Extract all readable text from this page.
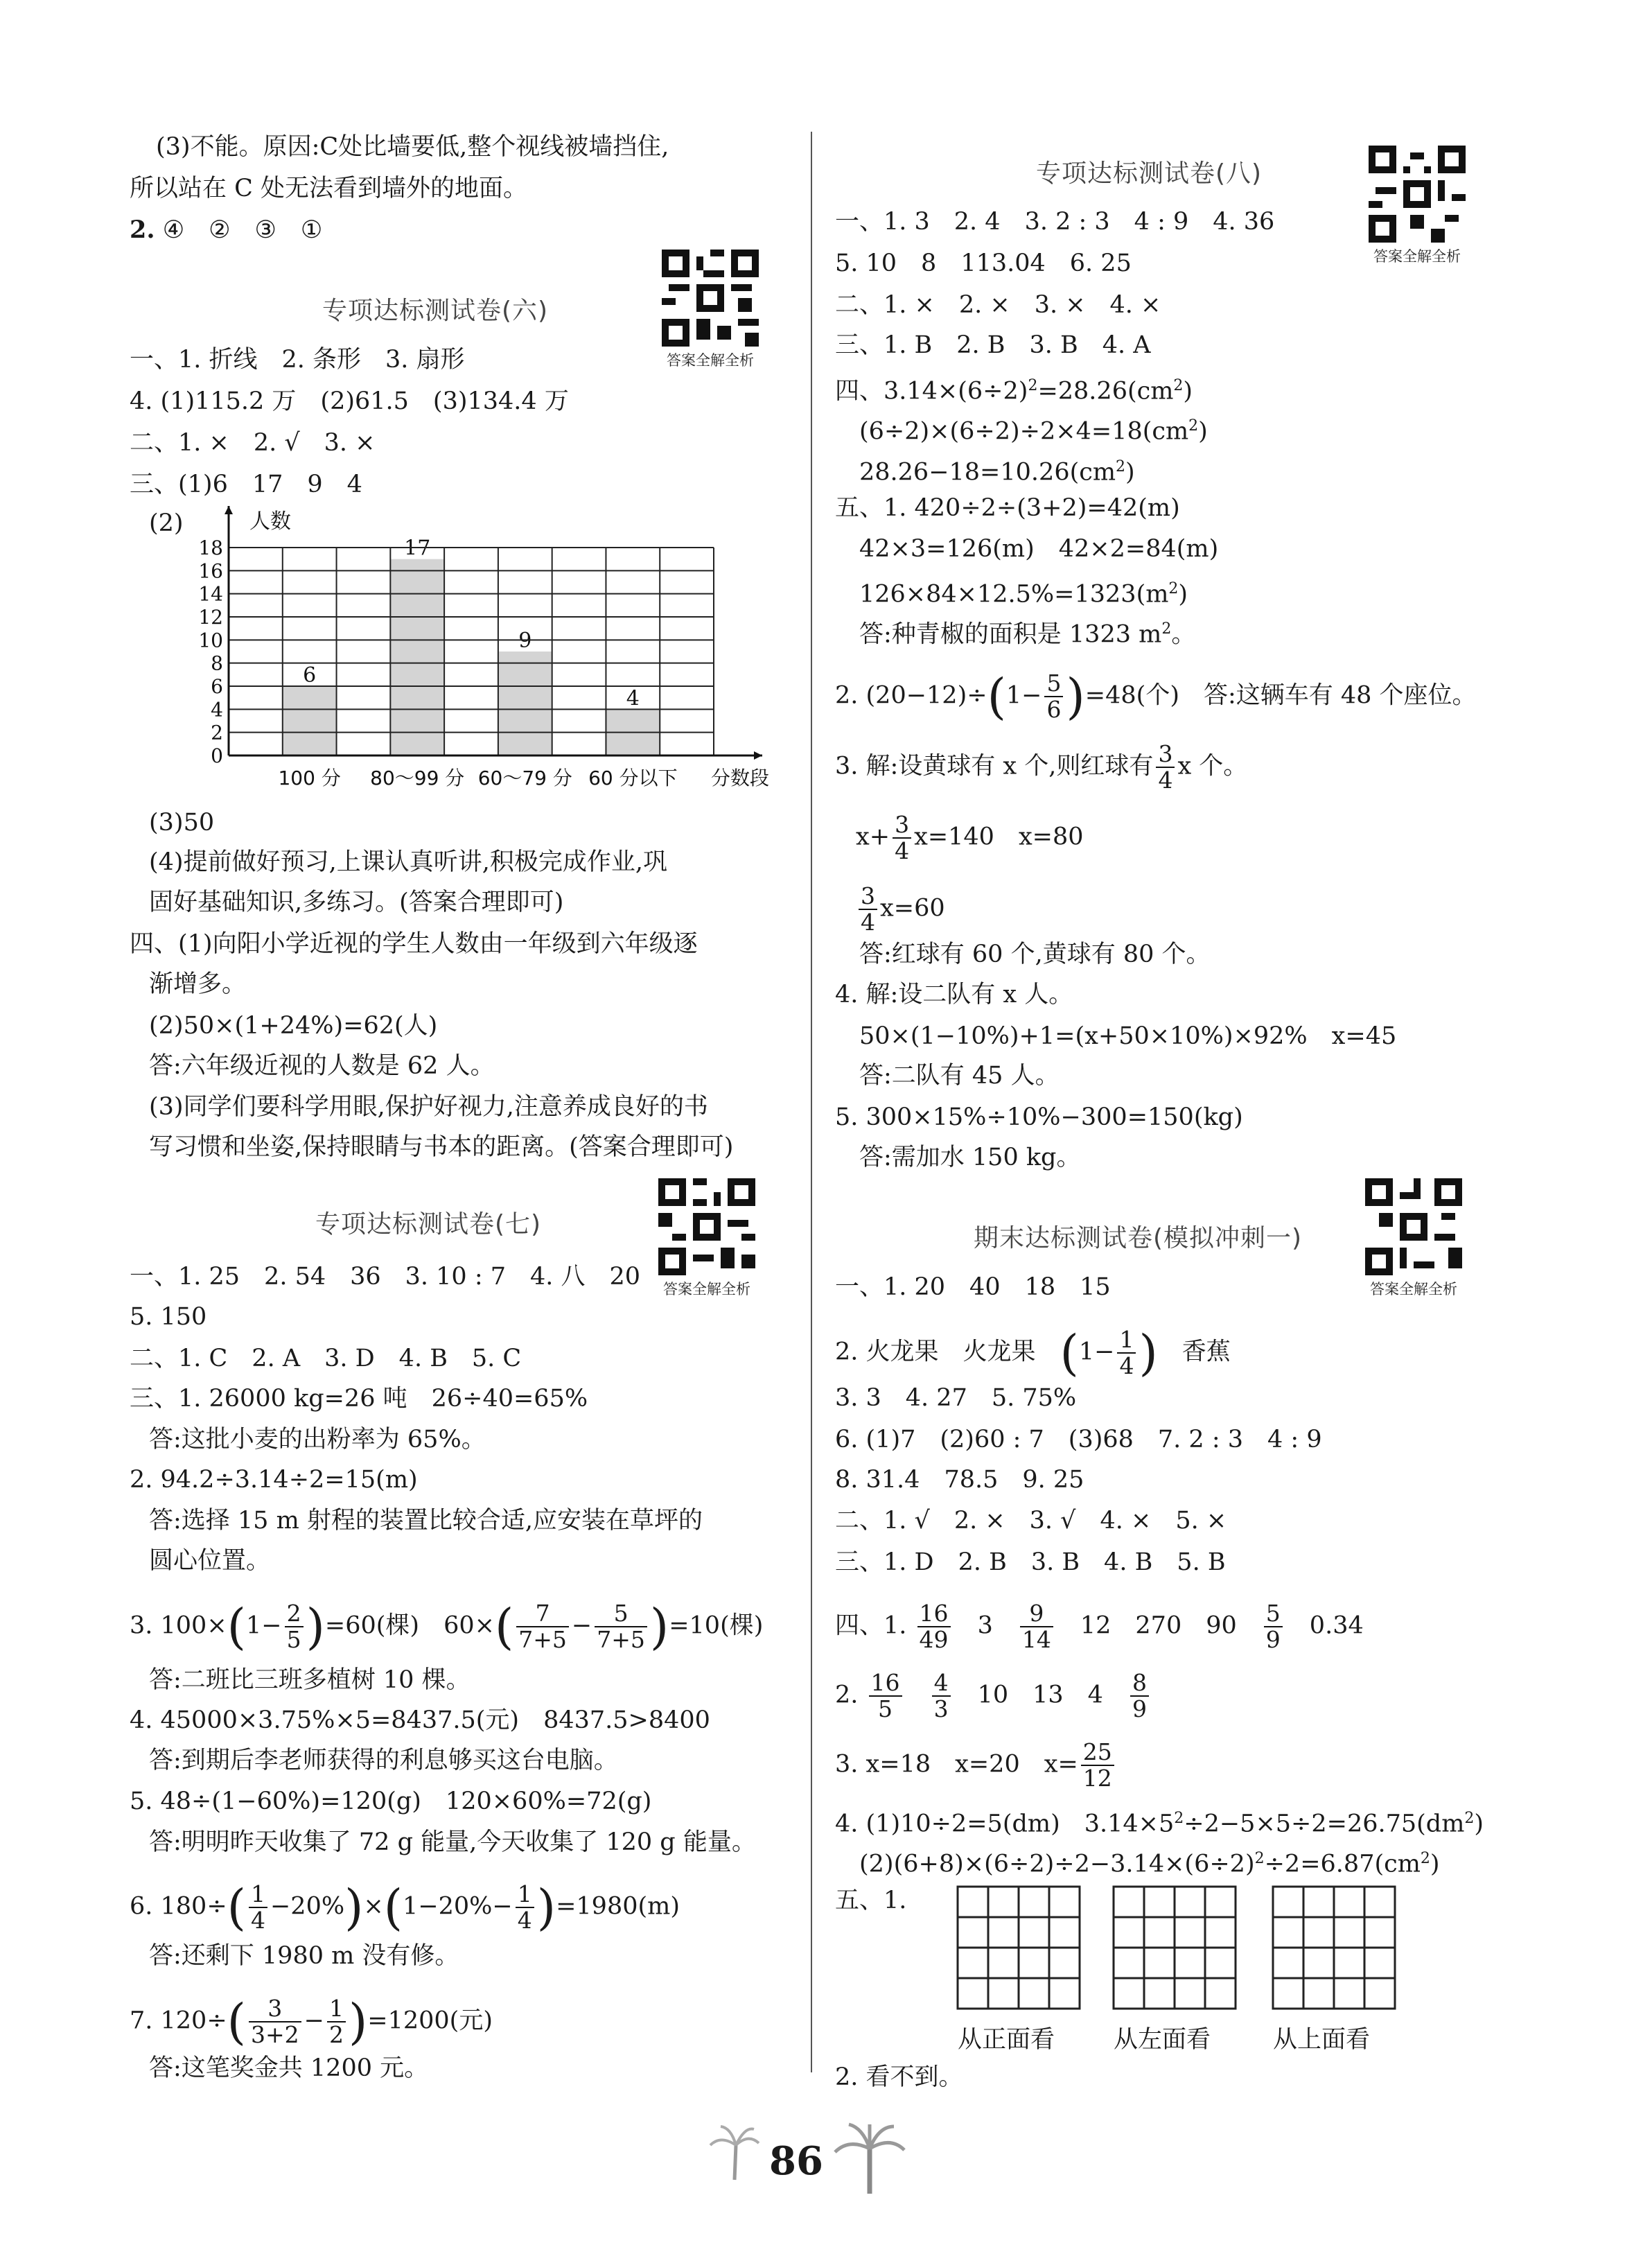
(3)不能。原因:C处比墙要低,整个视线被墙挡住,
所以站在 C 处无法看到墙外的地面。
2. ④　②　③　①
专项达标测试卷(六)
答案全解全析
一、1. 折线　2. 条形　3. 扇形
4. (1)115.2 万　(2)61.5　(3)134.4 万
二、1. ×　2. √　3. ×
三、(1)6　17　9　4
(2)
6
17
9
4
18
16
14
12
10
8
6
4
2
0
人数
100 分 80～99 分 60～79 分 60 分以下 分数段
(3)50
(4)提前做好预习,上课认真听讲,积极完成作业,巩
固好基础知识,多练习。(答案合理即可)
四、(1)向阳小学近视的学生人数由一年级到六年级逐
渐增多。
(2)50×(1+24%)=62(人)
答:六年级近视的人数是 62 人。
(3)同学们要科学用眼,保护好视力,注意养成良好的书
写习惯和坐姿,保持眼睛与书本的距离。(答案合理即可)
专项达标测试卷(七)
答案全解全析
一、1. 25　2. 54　36　3. 10 : 7　4. 八　20
5. 150
二、1. C　2. A　3. D　4. B　5. C
三、1. 26000 kg=26 吨　26÷40=65%
答:这批小麦的出粉率为 65%。
2. 94.2÷3.14÷2=15(m)
答:选择 15 m 射程的装置比较合适,应安装在草坪的
圆心位置。
3. $100\times(1- \frac{2}{5} )=60$(棵)　$60\times( \frac{7}{7+5} - \frac{5}{7+5} )=10$(棵)
答:二班比三班多植树 10 棵。
4. 45000×3.75%×5=8437.5(元)　8437.5>8400
答:到期后李老师获得的利息够买这台电脑。
5. 48÷(1−60%)=120(g)　120×60%=72(g)
答:明明昨天收集了 72 g 能量,今天收集了 120 g 能量。
6. $180\div( \frac{1}{4} -20\%)\times(1-20\%- \frac{1}{4} )=1980(m)$
答:还剩下 1980 m 没有修。
7. $120\div( \frac{3}{3+2} - \frac{1}{2} )=1200$(元)
答:这笔奖金共 1200 元。
专项达标测试卷(八)
答案全解全析
一、1. 3　2. 4　3. 2 : 3　4 : 9　4. 36
5. 10　8　113.04　6. 25
二、1. ×　2. ×　3. ×　4. ×
三、1. B　2. B　3. B　4. A
四、$3.14\times(6\div 2)^2=28.26(cm^2)$
$(6\div 2)\times(6\div 2)\div 2\times 4=18(cm^2)$
$28.26-18=10.26(cm^2)$
五、1. 420÷2÷(3+2)=42(m)
42×3=126(m)　42×2=84(m)
$126\times 84\times 12.5\%=1323(m^2)$
答:种青椒的面积是 1323 $m^2$。
2. $(20-12)\div(1- \frac{5}{6} )=48$(个)　答:这辆车有 48 个座位。
3. 解:设黄球有 x 个,则红球有 $\frac{3}{4}$ x 个。
$x+ \frac{3}{4} x=140$　x=80
$\frac{3}{4} x=60$
答:红球有 60 个,黄球有 80 个。
4. 解:设二队有 x 人。
50×(1−10%)+1=(x+50×10%)×92%　x=45
答:二队有 45 人。
5. 300×15%÷10%−300=150(kg)
答:需加水 150 kg。
期末达标测试卷(模拟冲刺一)
答案全解全析
一、1. 20　40　18　15
2. 火龙果　火龙果　 ($1- \frac{1}{4}$ )　 香蕉
3. 3　4. 27　5. 75%
6. (1)7　(2)60 : 7　(3)68　7. 2 : 3　4 : 9
8. 31.4　78.5　9. 25
二、1. √　2. ×　3. √　4. ×　5. ×
三、1. D　2. B　3. B　4. B　5. B
四、1. $\frac{16}{49}$
　 3　 $\frac{9}{14}$
　 12　270　90　 $\frac{5}{9}$
　 0.34
2. $\frac{16}{5}$
　 $\frac{4}{3}$
　 10　13　4　 $\frac{8}{9}$
3. x=18　x=20　$x= \frac{25}{12}$
4. (1)10÷2=5(dm)　$3.14\times 5^2\div 2-5\times 5\div 2=26.75(dm^2)$
$(2)(6+8)\times(6\div 2)\div 2-3.14\times(6\div 2)^2\div 2=6.87(cm^2)$
五、1.
2. 看不到。
从正面看 从左面看	从上面看
86
